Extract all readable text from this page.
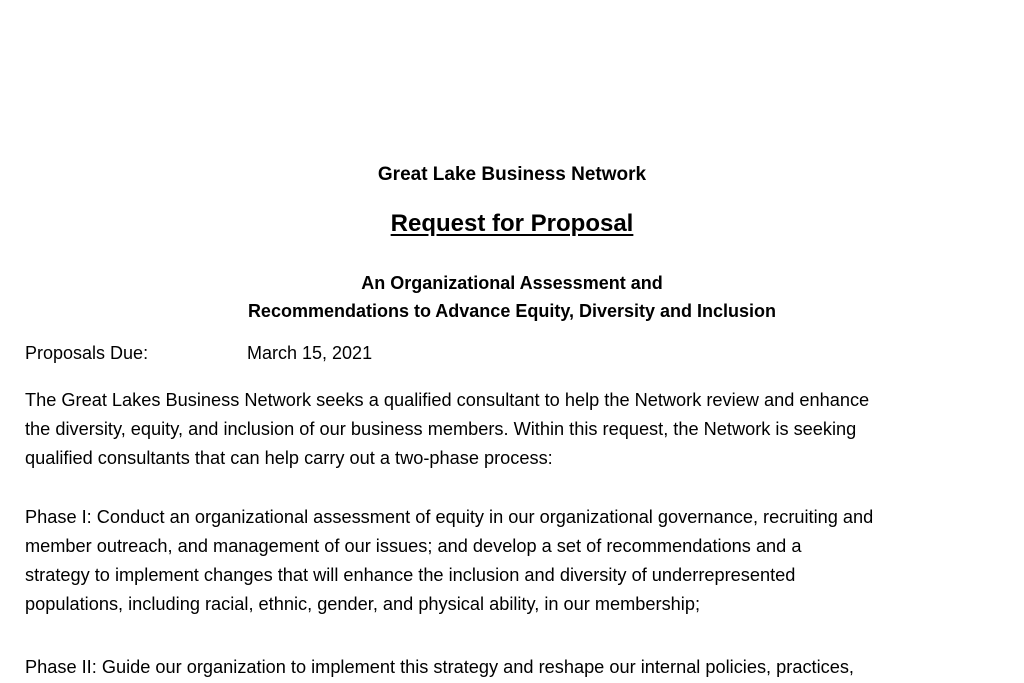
Great Lake Business Network
Request for Proposal
An Organizational Assessment and
Recommendations to Advance Equity, Diversity and Inclusion
Proposals Due:	March 15, 2021
The Great Lakes Business Network seeks a qualified consultant to help the Network review and enhance
the diversity, equity, and inclusion of our business members. Within this request, the Network is seeking
qualified consultants that can help carry out a two-phase process:
Phase I: Conduct an organizational assessment of equity in our organizational governance, recruiting and
member outreach, and management of our issues; and develop a set of recommendations and a
strategy to implement changes that will enhance the inclusion and diversity of underrepresented
populations, including racial, ethnic, gender, and physical ability, in our membership;
Phase II: Guide our organization to implement this strategy and reshape our internal policies, practices,
